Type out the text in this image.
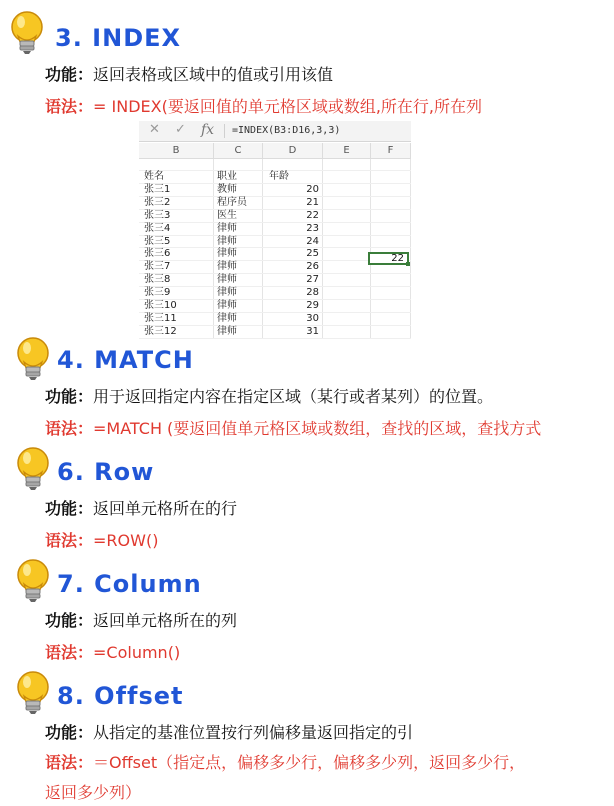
3. INDEX
功能：返回表格或区域中的值或引用该值
语法：= INDEX(要返回值的单元格区域或数组,所在行,所在列
✕ ✓ fx =INDEX(B3:D16,3,3)
B	C	D	E	F
姓名	职业	年龄
张三1	教师	20
张三2	程序员	21
张三3	医生	22
张三4	律师	23
张三5	律师	24
张三6	律师	25
张三7	律师	26
张三8	律师	27
张三9	律师	28
张三10	律师	29
张三11	律师	30
张三12	律师	31
22
4. MATCH
功能：用于返回指定内容在指定区域（某行或者某列）的位置。
语法：=MATCH (要返回值单元格区域或数组，查找的区域，查找方式
6. Row
功能：返回单元格所在的行
语法：=ROW()
7. Column
功能：返回单元格所在的列
语法：=Column()
8. Offset
功能：从指定的基准位置按行列偏移量返回指定的引
语法：＝Offset（指定点，偏移多少行，偏移多少列，返回多少行，
返回多少列）
